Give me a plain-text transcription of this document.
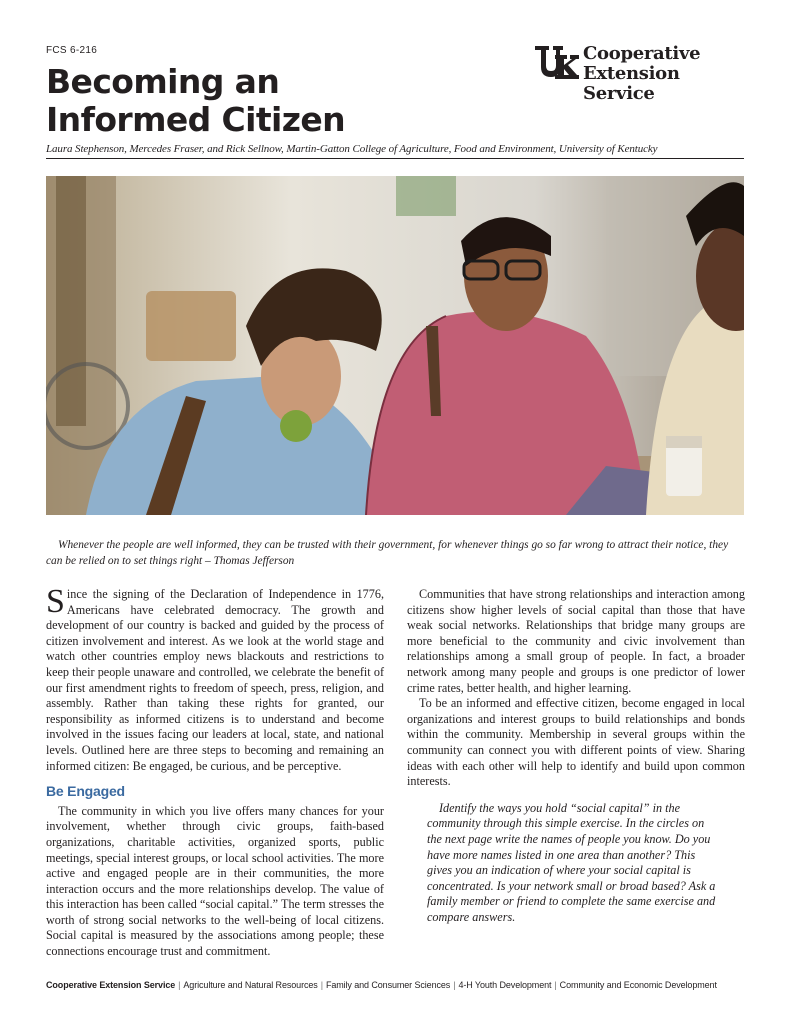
FCS 6-216
Becoming an
Informed Citizen
Cooperative
Extension Service
Laura Stephenson, Mercedes Fraser, and Rick Sellnow, Martin-Gatton College of Agriculture, Food and Environment, University of Kentucky
Whenever the people are well informed, they can be trusted with their government, for whenever things go so far wrong to attract their notice, they can be relied on to set things right – Thomas Jefferson

Since the signing of the Declaration of Independence in 1776, Americans have celebrated democracy. The growth and development of our country is backed and guided by the process of citizen involvement and interest. As we look at the world stage and watch other countries employ news blackouts and restrictions to keep their people unaware and controlled, we celebrate the benefit of our first amendment rights to freedom of speech, press, religion, and assembly. Rather than taking these rights for granted, our responsibility as informed citizens is to understand and become involved in the issues facing our leaders at local, state, and national levels. Outlined here are three steps to becoming and remaining an informed citizen: Be engaged, be curious, and be perceptive.

Be Engaged

The community in which you live offers many chances for your involvement, whether through civic groups, faith-based organizations, charitable activities, organized sports, public meetings, special interest groups, or local school activities. The more active and engaged people are in their communities, the more interaction occurs and the more relationships develop. The value of this interaction has been called “social capital.” The term stresses the worth of strong social networks to the well-being of local citizens. Social capital is measured by the associations among people; these connections encourage trust and commitment.

Communities that have strong relationships and interaction among citizens show higher levels of social capital than those that have weak social networks. Relationships that bridge many groups are more beneficial to the community and civic involvement than relationships among a small group of people. In fact, a broader network among many people and groups is one predictor of lower crime rates, better health, and higher learning.

To be an informed and effective citizen, become engaged in local organizations and interest groups to build relationships and bonds within the community. Membership in several groups within the community can connect you with different points of view. Sharing ideas with each other will help to identify and build upon common interests.

Identify the ways you hold “social capital” in the community through this simple exercise. In the circles on the next page write the names of people you know. Do you have more names listed in one area than another? This gives you an indication of where your social capital is concentrated. Is your network small or broad based? Ask a family member or friend to complete the same exercise and compare answers.
Cooperative Extension Service | Agriculture and Natural Resources | Family and Consumer Sciences | 4-H Youth Development | Community and Economic Development
